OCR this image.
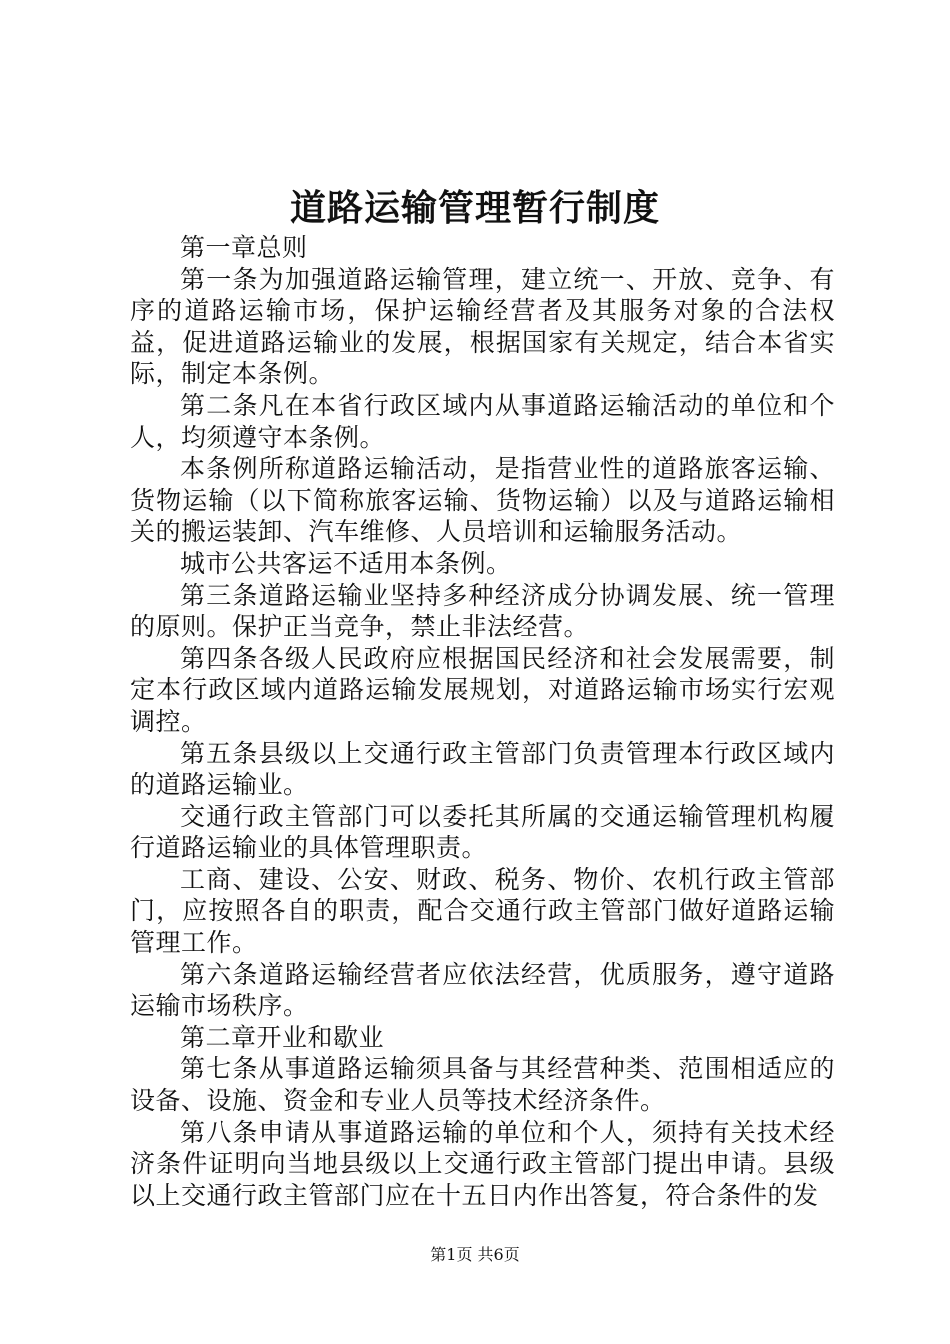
道路运输管理暂行制度

第一章总则

第一条为加强道路运输管理，建立统一、开放、竞争、有序的道路运输市场，保护运输经营者及其服务对象的合法权益，促进道路运输业的发展，根据国家有关规定，结合本省实际，制定本条例。

第二条凡在本省行政区域内从事道路运输活动的单位和个人，均须遵守本条例。

本条例所称道路运输活动，是指营业性的道路旅客运输、货物运输（以下简称旅客运输、货物运输）以及与道路运输相关的搬运装卸、汽车维修、人员培训和运输服务活动。

城市公共客运不适用本条例。

第三条道路运输业坚持多种经济成分协调发展、统一管理的原则。保护正当竞争，禁止非法经营。

第四条各级人民政府应根据国民经济和社会发展需要，制定本行政区域内道路运输发展规划，对道路运输市场实行宏观调控。

第五条县级以上交通行政主管部门负责管理本行政区域内的道路运输业。

交通行政主管部门可以委托其所属的交通运输管理机构履行道路运输业的具体管理职责。

工商、建设、公安、财政、税务、物价、农机行政主管部门，应按照各自的职责，配合交通行政主管部门做好道路运输管理工作。

第六条道路运输经营者应依法经营，优质服务，遵守道路运输市场秩序。

第二章开业和歇业

第七条从事道路运输须具备与其经营种类、范围相适应的设备、设施、资金和专业人员等技术经济条件。

第八条申请从事道路运输的单位和个人，须持有关技术经济条件证明向当地县级以上交通行政主管部门提出申请。县级以上交通行政主管部门应在十五日内作出答复，符合条件的发

第1页 共6页
